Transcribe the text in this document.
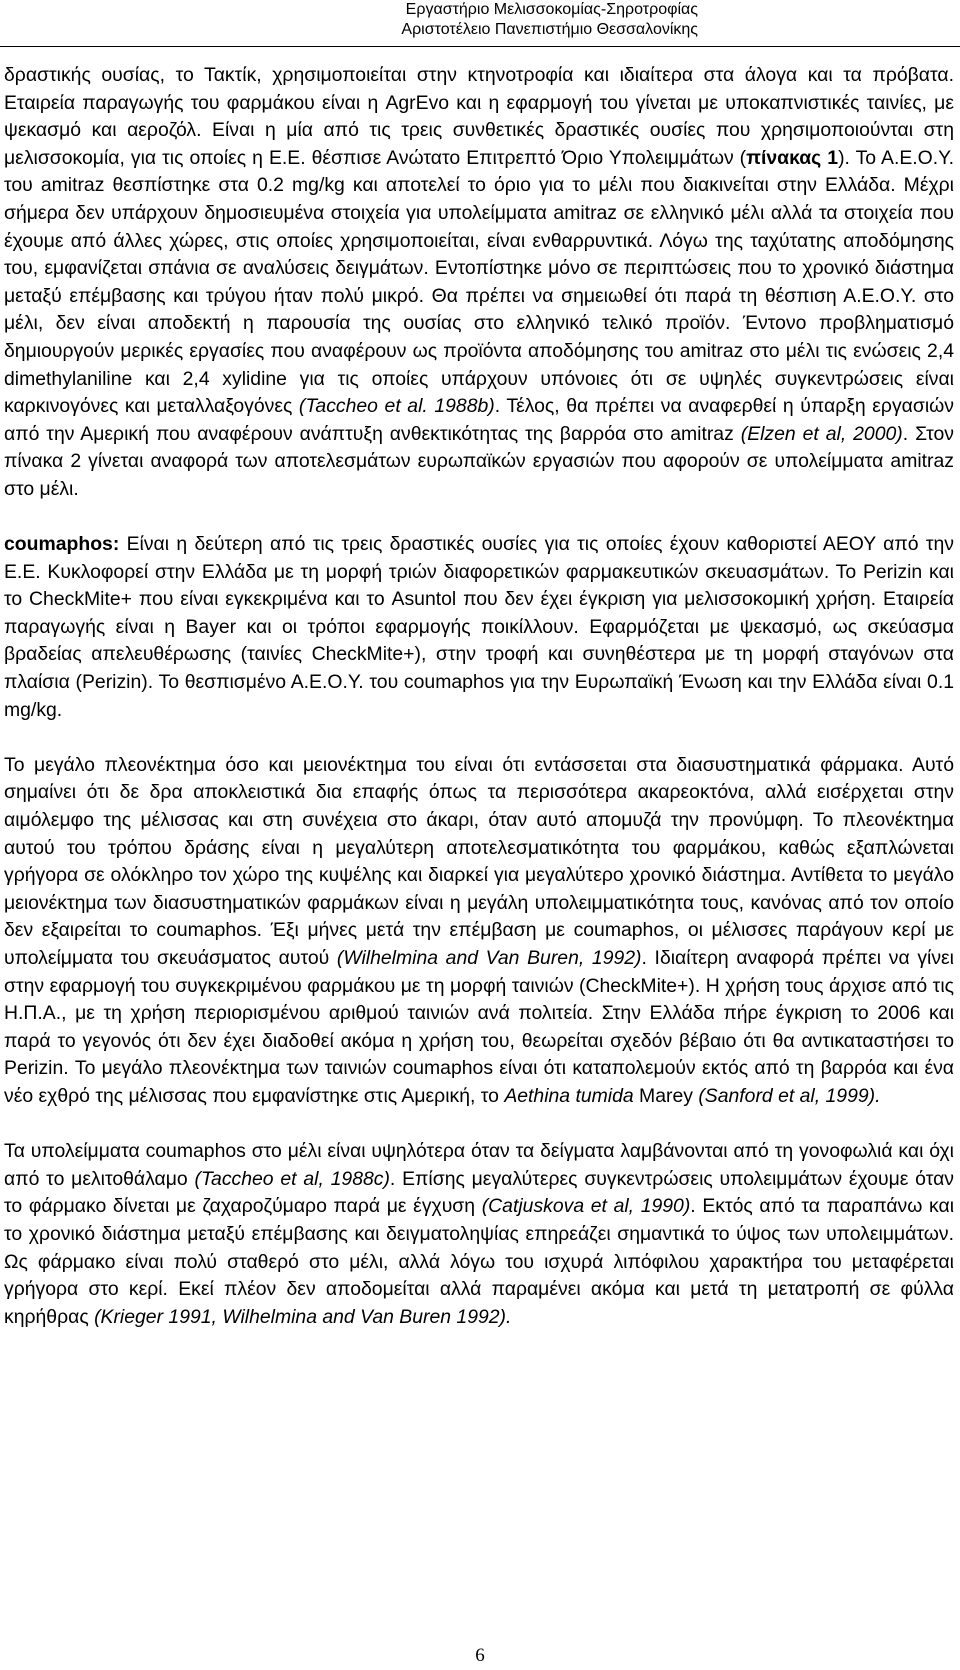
Εργαστήριο Μελισσοκομίας-Σηροτροφίας
Αριστοτέλειο Πανεπιστήμιο Θεσσαλονίκης

δραστικής ουσίας, το Τακτίκ, χρησιμοποιείται στην κτηνοτροφία και ιδιαίτερα στα άλογα και τα πρόβατα. Εταιρεία παραγωγής του φαρμάκου είναι η AgrEvo και η εφαρμογή του γίνεται με υποκαπνιστικές ταινίες, με ψεκασμό και αεροζόλ. Είναι η μία από τις τρεις συνθετικές δραστικές ουσίες που χρησιμοποιούνται στη μελισσοκομία, για τις οποίες η Ε.Ε. θέσπισε Ανώτατο Επιτρεπτό Όριο Υπολειμμάτων (πίνακας 1). Το Α.Ε.Ο.Υ. του amitraz θεσπίστηκε στα 0.2 mg/kg και αποτελεί το όριο για το μέλι που διακινείται στην Ελλάδα. Μέχρι σήμερα δεν υπάρχουν δημοσιευμένα στοιχεία για υπολείμματα amitraz σε ελληνικό μέλι αλλά τα στοιχεία που έχουμε από άλλες χώρες, στις οποίες χρησιμοποιείται, είναι ενθαρρυντικά. Λόγω της ταχύτατης αποδόμησης του, εμφανίζεται σπάνια σε αναλύσεις δειγμάτων. Εντοπίστηκε μόνο σε περιπτώσεις που το χρονικό διάστημα μεταξύ επέμβασης και τρύγου ήταν πολύ μικρό. Θα πρέπει να σημειωθεί ότι παρά τη θέσπιση Α.Ε.Ο.Υ. στο μέλι, δεν είναι αποδεκτή η παρουσία της ουσίας στο ελληνικό τελικό προϊόν. Έντονο προβληματισμό δημιουργούν μερικές εργασίες που αναφέρουν ως προϊόντα αποδόμησης του amitraz στο μέλι τις ενώσεις 2,4 dimethylaniline και 2,4 xylidine για τις οποίες υπάρχουν υπόνοιες ότι σε υψηλές συγκεντρώσεις είναι καρκινογόνες και μεταλλαξογόνες (Taccheo et al. 1988b). Τέλος, θα πρέπει να αναφερθεί η ύπαρξη εργασιών από την Αμερική που αναφέρουν ανάπτυξη ανθεκτικότητας της βαρρόα στο amitraz (Elzen et al, 2000). Στον πίνακα 2 γίνεται αναφορά των αποτελεσμάτων ευρωπαϊκών εργασιών που αφορούν σε υπολείμματα amitraz στο μέλι.

coumaphos: Είναι η δεύτερη από τις τρεις δραστικές ουσίες για τις οποίες έχουν καθοριστεί ΑΕΟΥ από την Ε.Ε. Κυκλοφορεί στην Ελλάδα με τη μορφή τριών διαφορετικών φαρμακευτικών σκευασμάτων. Το Perizin και το CheckMite+ που είναι εγκεκριμένα και το Asuntol που δεν έχει έγκριση για μελισσοκομική χρήση. Εταιρεία παραγωγής είναι η Bayer και οι τρόποι εφαρμογής ποικίλλουν. Εφαρμόζεται με ψεκασμό, ως σκεύασμα βραδείας απελευθέρωσης (ταινίες CheckMite+), στην τροφή και συνηθέστερα με τη μορφή σταγόνων στα πλαίσια (Perizin). Το θεσπισμένο Α.Ε.Ο.Υ. του coumaphos για την Ευρωπαϊκή Ένωση και την Ελλάδα είναι 0.1 mg/kg.

Το μεγάλο πλεονέκτημα όσο και μειονέκτημα του είναι ότι εντάσσεται στα διασυστηματικά φάρμακα. Αυτό σημαίνει ότι δε δρα αποκλειστικά δια επαφής όπως τα περισσότερα ακαρεοκτόνα, αλλά εισέρχεται στην αιμόλεμφο της μέλισσας και στη συνέχεια στο άκαρι, όταν αυτό απομυζά την προνύμφη. Το πλεονέκτημα αυτού του τρόπου δράσης είναι η μεγαλύτερη αποτελεσματικότητα του φαρμάκου, καθώς εξαπλώνεται γρήγορα σε ολόκληρο τον χώρο της κυψέλης και διαρκεί για μεγαλύτερο χρονικό διάστημα. Αντίθετα το μεγάλο μειονέκτημα των διασυστηματικών φαρμάκων είναι η μεγάλη υπολειμματικότητα τους, κανόνας από τον οποίο δεν εξαιρείται το coumaphos. Έξι μήνες μετά την επέμβαση με coumaphos, οι μέλισσες παράγουν κερί με υπολείμματα του σκευάσματος αυτού (Wilhelmina and Van Buren, 1992). Ιδιαίτερη αναφορά πρέπει να γίνει στην εφαρμογή του συγκεκριμένου φαρμάκου με τη μορφή ταινιών (CheckMite+). Η χρήση τους άρχισε από τις Η.Π.Α., με τη χρήση περιορισμένου αριθμού ταινιών ανά πολιτεία. Στην Ελλάδα πήρε έγκριση το 2006 και παρά το γεγονός ότι δεν έχει διαδοθεί ακόμα η χρήση του, θεωρείται σχεδόν βέβαιο ότι θα αντικαταστήσει το Perizin. Το μεγάλο πλεονέκτημα των ταινιών coumaphos είναι ότι καταπολεμούν εκτός από τη βαρρόα και ένα νέο εχθρό της μέλισσας που εμφανίστηκε στις Αμερική, το Aethina tumida Marey (Sanford et al, 1999).

Τα υπολείμματα coumaphos στο μέλι είναι υψηλότερα όταν τα δείγματα λαμβάνονται από τη γονοφωλιά και όχι από το μελιτοθάλαμο (Taccheo et al, 1988c). Επίσης μεγαλύτερες συγκεντρώσεις υπολειμμάτων έχουμε όταν το φάρμακο δίνεται με ζαχαροζύμαρο παρά με έγχυση (Catjuskova et al, 1990). Εκτός από τα παραπάνω και το χρονικό διάστημα μεταξύ επέμβασης και δειγματοληψίας επηρεάζει σημαντικά το ύψος των υπολειμμάτων. Ως φάρμακο είναι πολύ σταθερό στο μέλι, αλλά λόγω του ισχυρά λιπόφιλου χαρακτήρα του μεταφέρεται γρήγορα στο κερί. Εκεί πλέον δεν αποδομείται αλλά παραμένει ακόμα και μετά τη μετατροπή σε φύλλα κηρήθρας (Krieger 1991, Wilhelmina and Van Buren 1992).

6
